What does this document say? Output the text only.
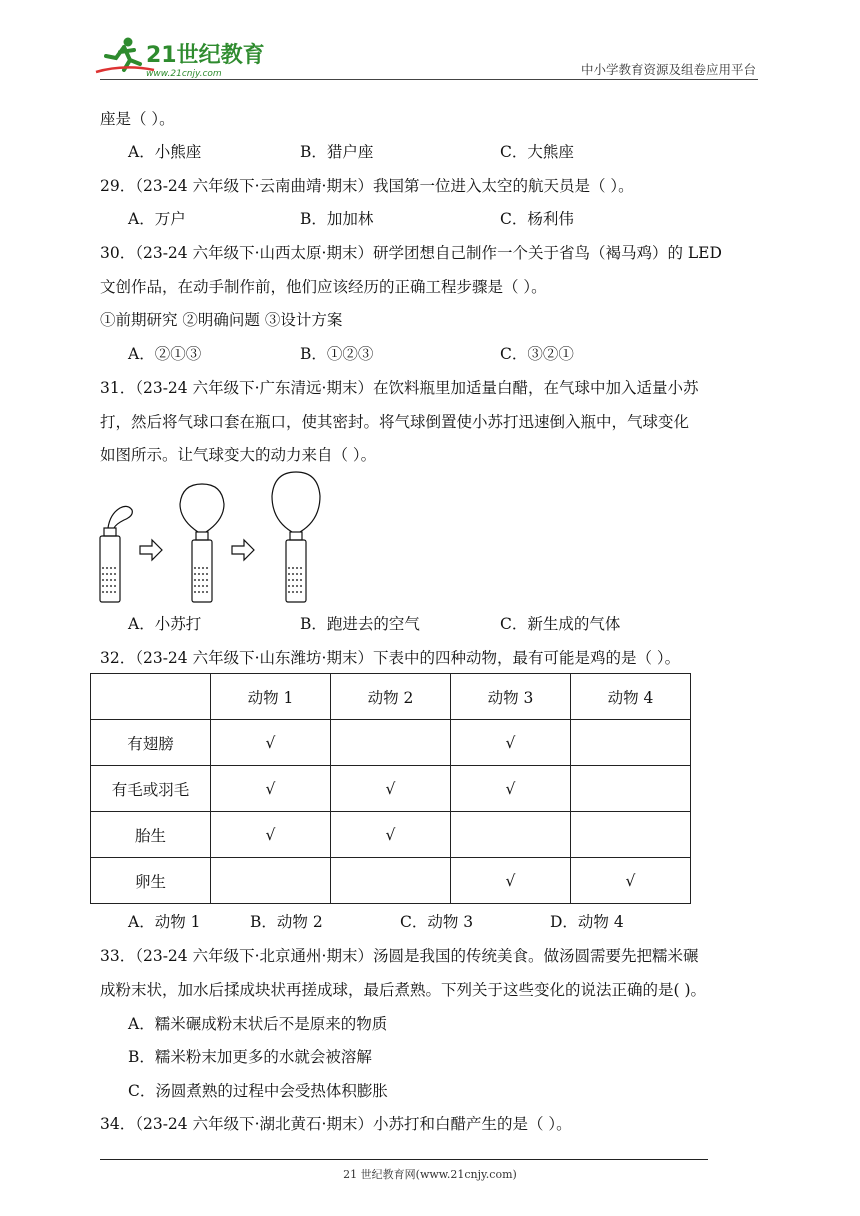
21世纪教育
www.21cnjy.com	中小学教育资源及组卷应用平台
座是（ ）。
A．小熊座	B．猎户座	C．大熊座
29．（23-24 六年级下·云南曲靖·期末）我国第一位进入太空的航天员是（ ）。
A．万户	B．加加林	C．杨利伟
30．（23-24 六年级下·山西太原·期末）研学团想自己制作一个关于省鸟（褐马鸡）的 LED
文创作品，在动手制作前，他们应该经历的正确工程步骤是（ ）。
①前期研究 ②明确问题 ③设计方案
A．②①③	B．①②③	C．③②①
31．（23-24 六年级下·广东清远·期末）在饮料瓶里加适量白醋，在气球中加入适量小苏
打，然后将气球口套在瓶口，使其密封。将气球倒置使小苏打迅速倒入瓶中，气球变化
如图所示。让气球变大的动力来自（ ）。
A．小苏打	B．跑进去的空气	C．新生成的气体
32．（23-24 六年级下·山东潍坊·期末）下表中的四种动物，最有可能是鸡的是（ ）。
	动物 1	动物 2	动物 3	动物 4
有翅膀	√		√	
有毛或羽毛	√	√	√	
胎生	√	√		
卵生			√	√
A．动物 1	B．动物 2	C．动物 3	D．动物 4
33．（23-24 六年级下·北京通州·期末）汤圆是我国的传统美食。做汤圆需要先把糯米碾
成粉末状，加水后揉成块状再搓成球，最后煮熟。下列关于这些变化的说法正确的是( )。
A．糯米碾成粉末状后不是原来的物质
B．糯米粉末加更多的水就会被溶解
C．汤圆煮熟的过程中会受热体积膨胀
34．（23-24 六年级下·湖北黄石·期末）小苏打和白醋产生的是（ ）。
21 世纪教育网(www.21cnjy.com)
